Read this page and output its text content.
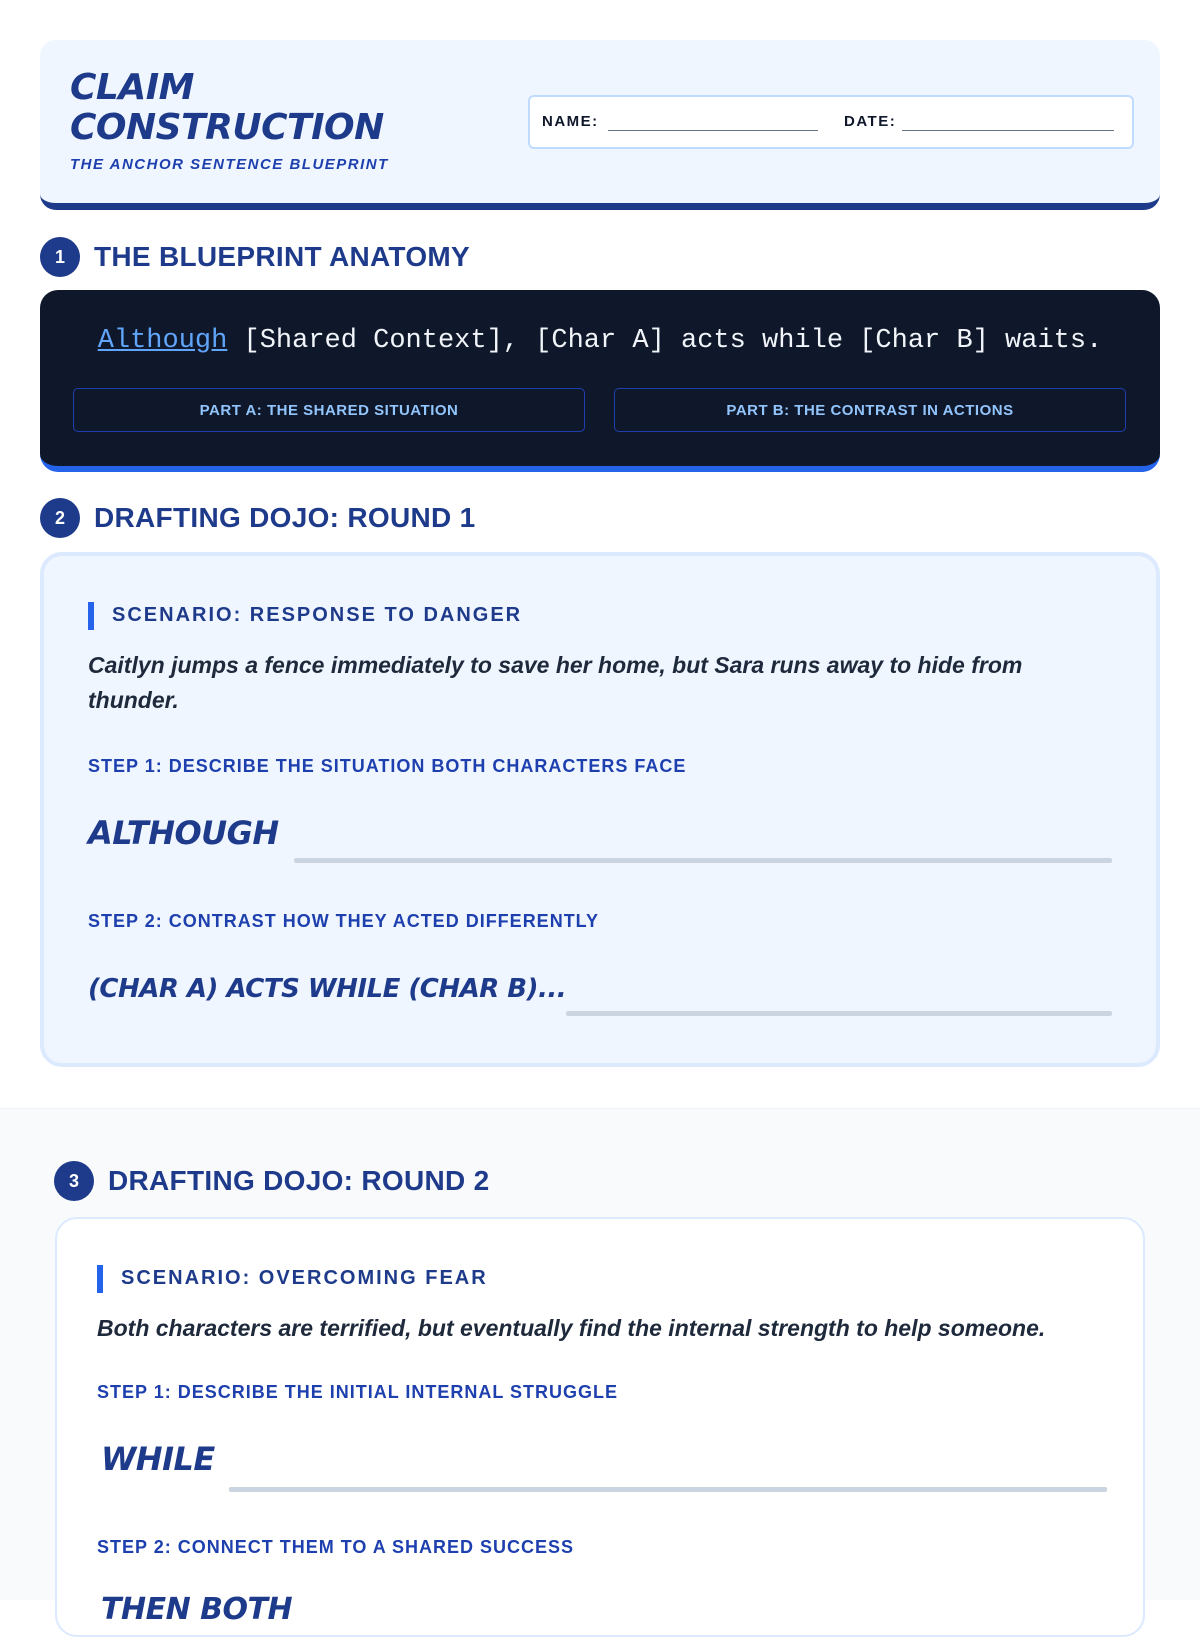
CLAIM
CONSTRUCTION
THE ANCHOR SENTENCE BLUEPRINT
NAME:	DATE:
1	THE BLUEPRINT ANATOMY
Although [Shared Context], [Char A] acts while [Char B] waits.
PART A: THE SHARED SITUATION	PART B: THE CONTRAST IN ACTIONS
2	DRAFTING DOJO: ROUND 1
SCENARIO: RESPONSE TO DANGER
Caitlyn jumps a fence immediately to save her home, but Sara runs away to hide from thunder.
STEP 1: DESCRIBE THE SITUATION BOTH CHARACTERS FACE
ALTHOUGH
STEP 2: CONTRAST HOW THEY ACTED DIFFERENTLY
(CHAR A) ACTS WHILE (CHAR B)...
3	DRAFTING DOJO: ROUND 2
SCENARIO: OVERCOMING FEAR
Both characters are terrified, but eventually find the internal strength to help someone.
STEP 1: DESCRIBE THE INITIAL INTERNAL STRUGGLE
WHILE
STEP 2: CONNECT THEM TO A SHARED SUCCESS
THEN BOTH
